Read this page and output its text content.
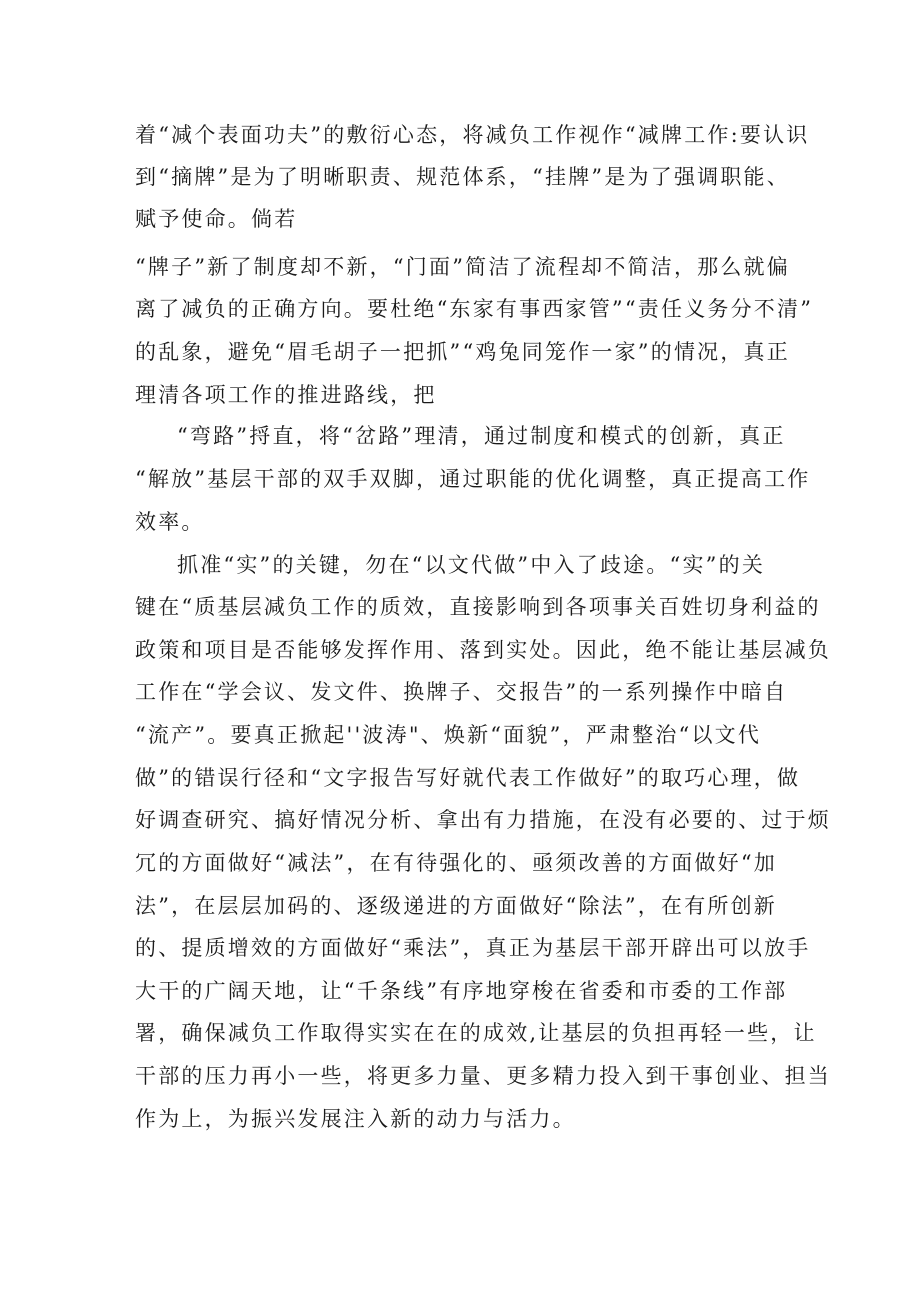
着“减个表面功夫”的敷衍心态，将减负工作视作“减牌工作:要认识
到“摘牌”是为了明晰职责、规范体系，“挂牌”是为了强调职能、
赋予使命。倘若
“牌子”新了制度却不新，“门面”简洁了流程却不简洁，那么就偏
离了减负的正确方向。要杜绝“东家有事西家管”“责任义务分不清”
的乱象，避免“眉毛胡子一把抓”“鸡兔同笼作一家”的情况，真正
理清各项工作的推进路线，把
“弯路”捋直，将“岔路”理清，通过制度和模式的创新，真正
“解放”基层干部的双手双脚，通过职能的优化调整，真正提高工作
效率。
抓准“实”的关键，勿在“以文代做”中入了歧途。“实”的关
键在“质基层减负工作的质效，直接影响到各项事关百姓切身利益的
政策和项目是否能够发挥作用、落到实处。因此，绝不能让基层减负
工作在“学会议、发文件、换牌子、交报告”的一系列操作中暗自
“流产”。要真正掀起''波涛"、焕新“面貌”，严肃整治“以文代
做”的错误行径和“文字报告写好就代表工作做好”的取巧心理，做
好调查研究、搞好情况分析、拿出有力措施，在没有必要的、过于烦
冗的方面做好“减法”，在有待强化的、亟须改善的方面做好“加
法”，在层层加码的、逐级递进的方面做好“除法”，在有所创新
的、提质增效的方面做好“乘法”，真正为基层干部开辟出可以放手
大干的广阔天地，让“千条线”有序地穿梭在省委和市委的工作部
署，确保减负工作取得实实在在的成效,让基层的负担再轻一些，让
干部的压力再小一些，将更多力量、更多精力投入到干事创业、担当
作为上，为振兴发展注入新的动力与活力。
